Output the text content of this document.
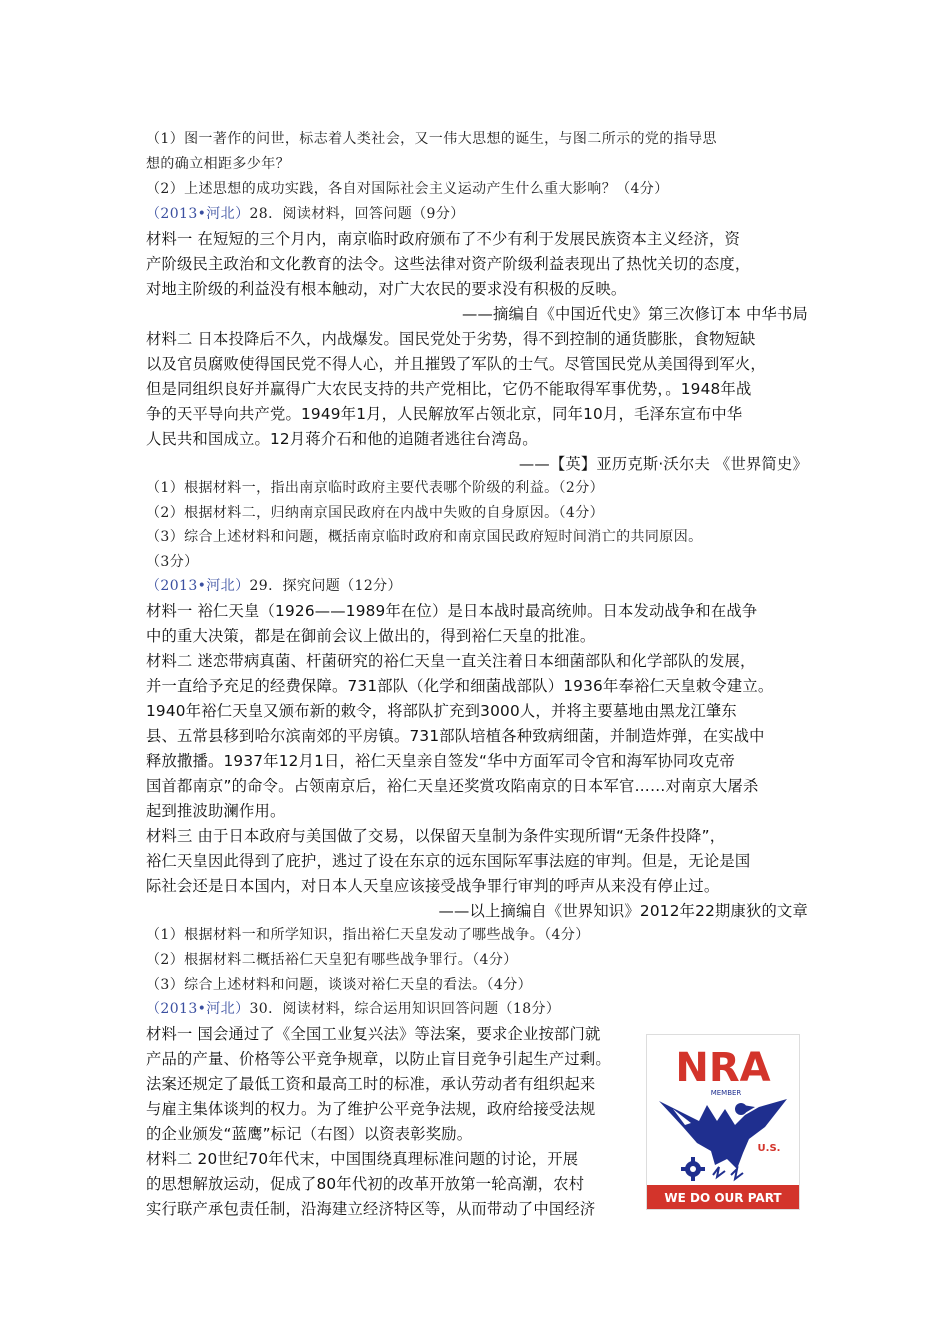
（1）图一著作的问世，标志着人类社会，又一伟大思想的诞生，与图二所示的党的指导思
想的确立相距多少年？
（2）上述思想的成功实践，各自对国际社会主义运动产生什么重大影响？（4分）
（2013•河北）28．阅读材料，回答问题（9分）
材料一 在短短的三个月内，南京临时政府颁布了不少有利于发展民族资本主义经济，资
产阶级民主政治和文化教育的法令。这些法律对资产阶级利益表现出了热忱关切的态度，
对地主阶级的利益没有根本触动，对广大农民的要求没有积极的反映。
——摘编自《中国近代史》第三次修订本 中华书局
材料二 日本投降后不久，内战爆发。国民党处于劣势，得不到控制的通货膨胀，食物短缺
以及官员腐败使得国民党不得人心，并且摧毁了军队的士气。尽管国民党从美国得到军火，
但是同组织良好并赢得广大农民支持的共产党相比，它仍不能取得军事优势，。1948年战
争的天平导向共产党。1949年1月，人民解放军占领北京，同年10月，毛泽东宣布中华
人民共和国成立。12月蒋介石和他的追随者逃往台湾岛。
——【英】亚历克斯·沃尔夫 《世界简史》
（1）根据材料一，指出南京临时政府主要代表哪个阶级的利益。（2分）
（2）根据材料二，归纳南京国民政府在内战中失败的自身原因。（4分）
（3）综合上述材料和问题，概括南京临时政府和南京国民政府短时间消亡的共同原因。
（3分）
（2013•河北）29．探究问题（12分）
材料一 裕仁天皇（1926——1989年在位）是日本战时最高统帅。日本发动战争和在战争
中的重大决策，都是在御前会议上做出的，得到裕仁天皇的批准。
材料二 迷恋带病真菌、杆菌研究的裕仁天皇一直关注着日本细菌部队和化学部队的发展，
并一直给予充足的经费保障。731部队（化学和细菌战部队）1936年奉裕仁天皇敕令建立。
1940年裕仁天皇又颁布新的敕令，将部队扩充到3000人，并将主要墓地由黑龙江肇东
县、五常县移到哈尔滨南郊的平房镇。731部队培植各种致病细菌，并制造炸弹，在实战中
释放撒播。1937年12月1日，裕仁天皇亲自签发“华中方面军司令官和海军协同攻克帝
国首都南京”的命令。占领南京后，裕仁天皇还奖赏攻陷南京的日本军官……对南京大屠杀
起到推波助澜作用。
材料三 由于日本政府与美国做了交易，以保留天皇制为条件实现所谓“无条件投降”，
裕仁天皇因此得到了庇护，逃过了设在东京的远东国际军事法庭的审判。但是，无论是国
际社会还是日本国内，对日本人天皇应该接受战争罪行审判的呼声从来没有停止过。
——以上摘编自《世界知识》2012年22期康狄的文章
（1）根据材料一和所学知识，指出裕仁天皇发动了哪些战争。（4分）
（2）根据材料二概括裕仁天皇犯有哪些战争罪行。（4分）
（3）综合上述材料和问题，谈谈对裕仁天皇的看法。（4分）
（2013•河北）30．阅读材料，综合运用知识回答问题（18分）
材料一 国会通过了《全国工业复兴法》等法案，要求企业按部门就
产品的产量、价格等公平竞争规章，以防止盲目竞争引起生产过剩。
法案还规定了最低工资和最高工时的标准，承认劳动者有组织起来
与雇主集体谈判的权力。为了维护公平竞争法规，政府给接受法规
的企业颁发“蓝鹰”标记（右图）以资表彰奖励。
材料二 20世纪70年代末，中国围绕真理标准问题的讨论，开展
的思想解放运动，促成了80年代初的改革开放第一轮高潮，农村
实行联产承包责任制，沿海建立经济特区等，从而带动了中国经济
NRA
MEMBER
U.S.
WE DO OUR PART
